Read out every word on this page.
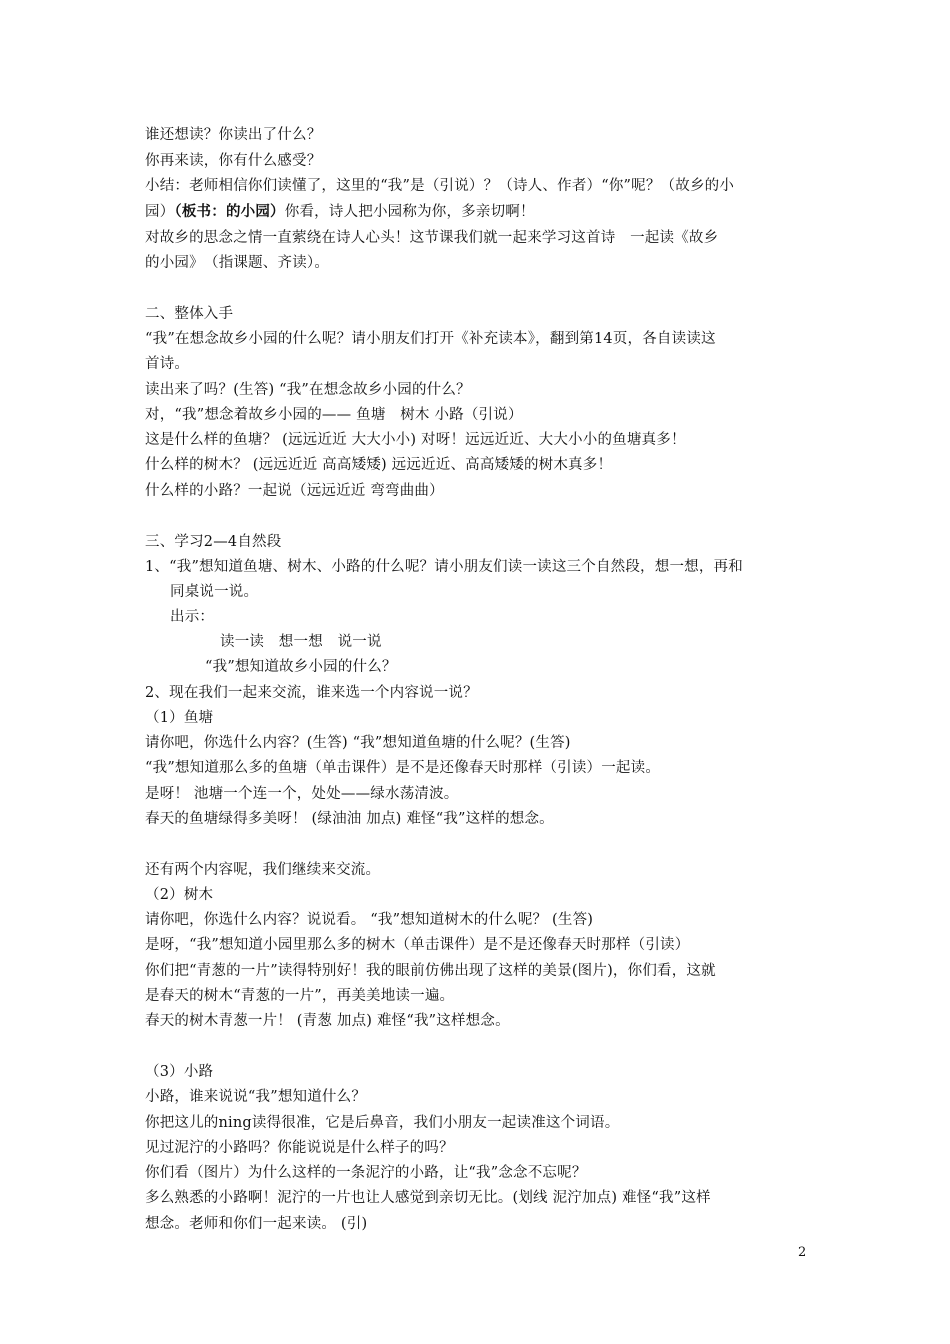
谁还想读？你读出了什么？
你再来读，你有什么感受？
小结：老师相信你们读懂了，这里的“我”是（引说）？（诗人、作者）“你”呢？（故乡的小
园）（板书：的小园）你看，诗人把小园称为你，多亲切啊！
对故乡的思念之情一直萦绕在诗人心头！这节课我们就一起来学习这首诗　一起读《故乡
的小园》　（指课题、齐读）。
二、整体入手
“我”在想念故乡小园的什么呢？请小朋友们打开《补充读本》，翻到第14页，各自读读这
首诗。
读出来了吗？(生答) “我”在想念故乡小园的什么？
对，“我”想念着故乡小园的—— 鱼塘　树木 小路（引说）
这是什么样的鱼塘？ (远远近近 大大小小) 对呀！远远近近、大大小小的鱼塘真多！
什么样的树木？ (远远近近 高高矮矮) 远远近近、高高矮矮的树木真多！
什么样的小路？一起说（远远近近 弯弯曲曲）
三、学习2—4自然段
1、“我”想知道鱼塘、树木、小路的什么呢？请小朋友们读一读这三个自然段，想一想，再和
同桌说一说。
出示：
读一读　想一想　说一说
“我”想知道故乡小园的什么？
2、现在我们一起来交流，谁来选一个内容说一说？
（1）鱼塘
请你吧，你选什么内容？(生答) “我”想知道鱼塘的什么呢？(生答)
“我”想知道那么多的鱼塘（单击课件）是不是还像春天时那样（引读）一起读。
是呀！ 池塘一个连一个，处处——绿水荡清波。
春天的鱼塘绿得多美呀！ (绿油油 加点) 难怪“我”这样的想念。
还有两个内容呢，我们继续来交流。
（2）树木
请你吧，你选什么内容？说说看。 “我”想知道树木的什么呢？ (生答)
是呀，“我”想知道小园里那么多的树木（单击课件）是不是还像春天时那样（引读）
你们把“青葱的一片”读得特别好！我的眼前仿佛出现了这样的美景(图片)，你们看，这就
是春天的树木“青葱的一片”，再美美地读一遍。
春天的树木青葱一片！ (青葱 加点) 难怪“我”这样想念。
（3）小路
小路，谁来说说“我”想知道什么？
你把这儿的ning读得很准，它是后鼻音，我们小朋友一起读准这个词语。
见过泥泞的小路吗？你能说说是什么样子的吗？
你们看（图片）为什么这样的一条泥泞的小路，让“我”念念不忘呢？
多么熟悉的小路啊！泥泞的一片也让人感觉到亲切无比。(划线 泥泞加点) 难怪“我”这样
想念。老师和你们一起来读。 (引)
2
